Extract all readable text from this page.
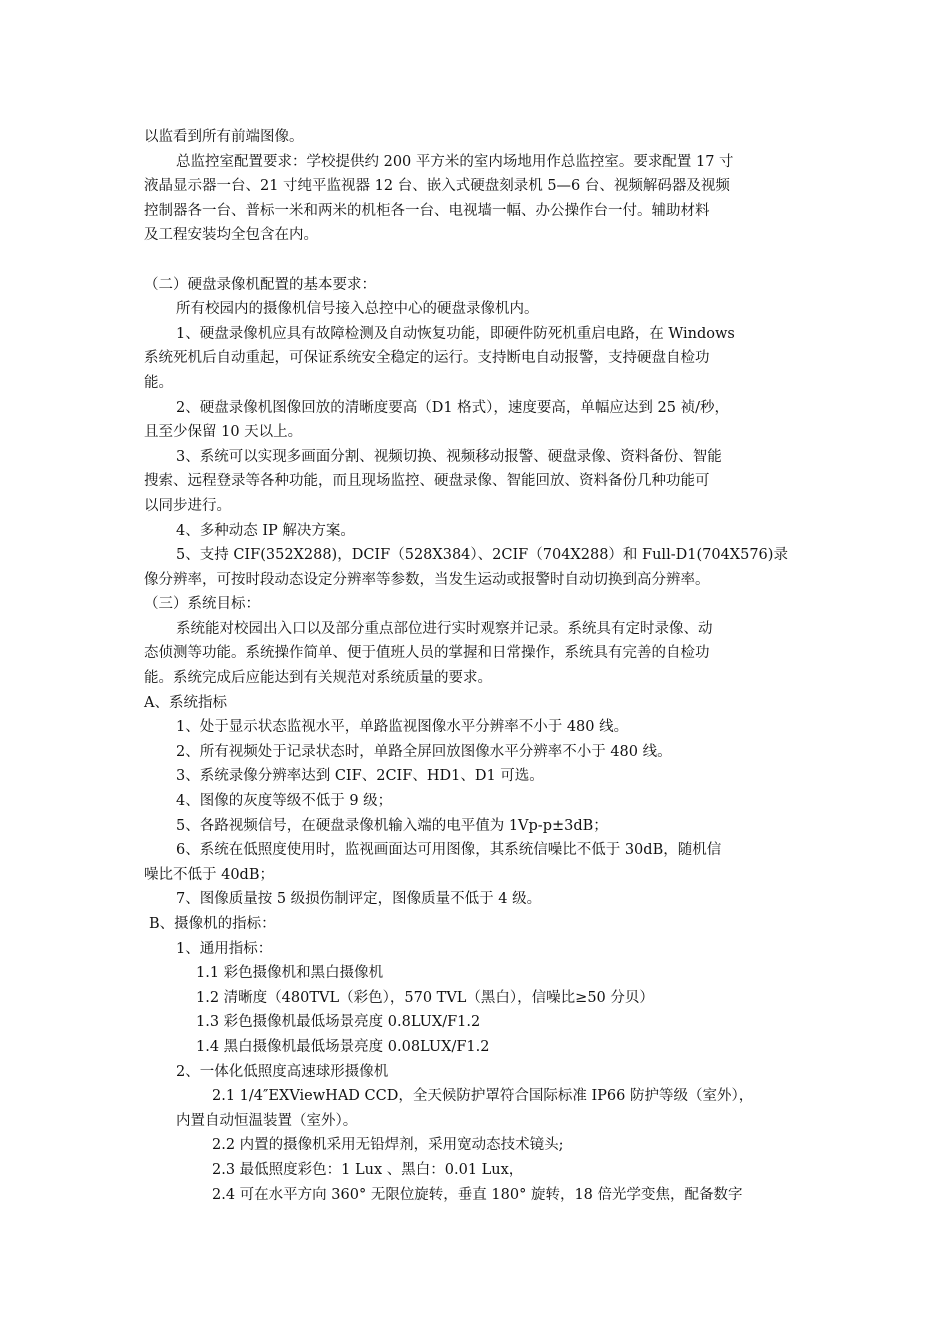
以监看到所有前端图像。
总监控室配置要求：学校提供约 200 平方米的室内场地用作总监控室。要求配置 17 寸
液晶显示器一台、21 寸纯平监视器 12 台、嵌入式硬盘刻录机 5—6 台、视频解码器及视频
控制器各一台、普标一米和两米的机柜各一台、电视墙一幅、办公操作台一付。辅助材料
及工程安装均全包含在内。
（二）硬盘录像机配置的基本要求：
所有校园内的摄像机信号接入总控中心的硬盘录像机内。
1、硬盘录像机应具有故障检测及自动恢复功能，即硬件防死机重启电路，在 Windows
系统死机后自动重起，可保证系统安全稳定的运行。支持断电自动报警，支持硬盘自检功
能。
2、硬盘录像机图像回放的清晰度要高（D1 格式），速度要高，单幅应达到 25 祯/秒，
且至少保留 10 天以上。
3、系统可以实现多画面分割、视频切换、视频移动报警、硬盘录像、资料备份、智能
搜索、远程登录等各种功能，而且现场监控、硬盘录像、智能回放、资料备份几种功能可
以同步进行。
4、多种动态 IP 解决方案。
5、支持 CIF(352X288)，DCIF（528X384）、2CIF（704X288）和 Full-D1(704X576)录
像分辨率，可按时段动态设定分辨率等参数，当发生运动或报警时自动切换到高分辨率。
（三）系统目标：
系统能对校园出入口以及部分重点部位进行实时观察并记录。系统具有定时录像、动
态侦测等功能。系统操作简单、便于值班人员的掌握和日常操作，系统具有完善的自检功
能。系统完成后应能达到有关规范对系统质量的要求。
A、系统指标
1、处于显示状态监视水平，单路监视图像水平分辨率不小于 480 线。
2、所有视频处于记录状态时，单路全屏回放图像水平分辨率不小于 480 线。
3、系统录像分辨率达到 CIF、2CIF、HD1、D1 可选。
4、图像的灰度等级不低于 9 级；
5、各路视频信号，在硬盘录像机输入端的电平值为 1Vp-p±3dB；
6、系统在低照度使用时，监视画面达可用图像，其系统信噪比不低于 30dB，随机信
噪比不低于 40dB；
7、图像质量按 5 级损伤制评定，图像质量不低于 4 级。
B、摄像机的指标：
1、通用指标：
1.1 彩色摄像机和黑白摄像机
1.2 清晰度（480TVL（彩色），570 TVL（黑白），信噪比≥50 分贝）
1.3 彩色摄像机最低场景亮度 0.8LUX/F1.2
1.4 黑白摄像机最低场景亮度 0.08LUX/F1.2
2、一体化低照度高速球形摄像机
2.1 1/4″EXViewHAD CCD，全天候防护罩符合国际标准 IP66 防护等级（室外），
内置自动恒温装置（室外）。
2.2 内置的摄像机采用无铅焊剂，采用宽动态技术镜头;
2.3 最低照度彩色：1 Lux 、黑白：0.01 Lux，
2.4 可在水平方向 360° 无限位旋转，垂直 180° 旋转，18 倍光学变焦，配备数字
